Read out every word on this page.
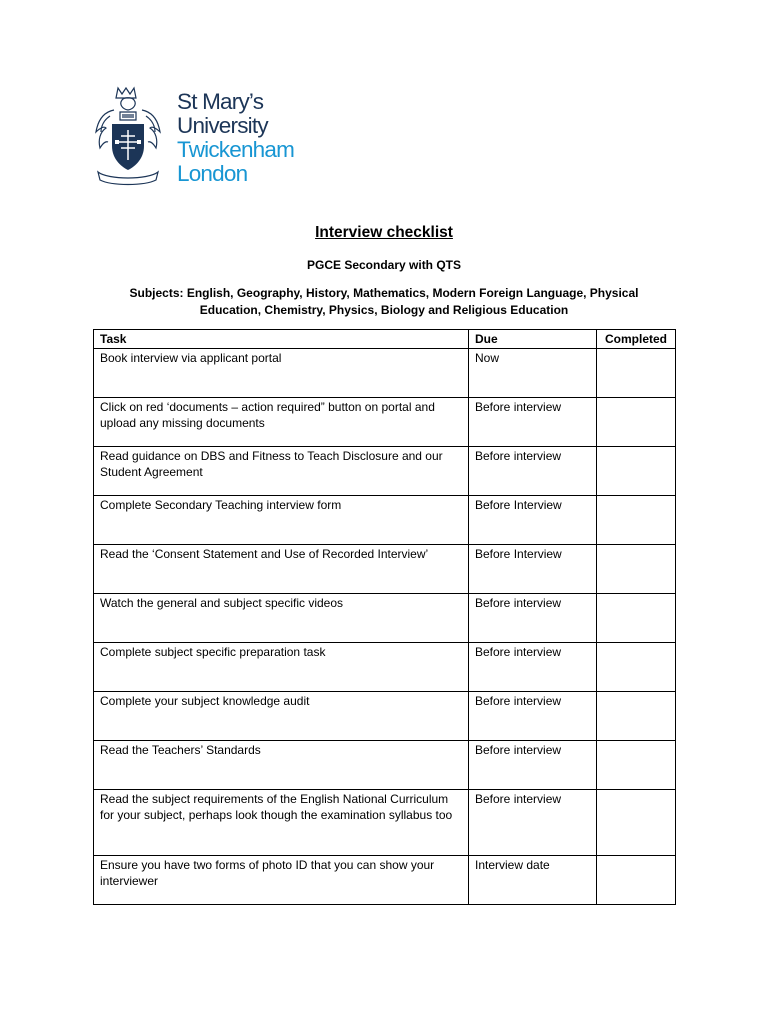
St Mary’s
University
Twickenham
London
Interview checklist
PGCE Secondary with QTS
Subjects: English, Geography, History, Mathematics, Modern Foreign Language, Physical Education, Chemistry, Physics, Biology and Religious Education
Task	Due	Completed
Book interview via applicant portal	Now	
Click on red ‘documents – action required” button on portal and upload any missing documents	Before interview	
Read guidance on DBS and Fitness to Teach Disclosure and our Student Agreement	Before interview	
Complete Secondary Teaching interview form	Before Interview	
Read the ‘Consent Statement and Use of Recorded Interview’	Before Interview	
Watch the general and subject specific videos	Before interview	
Complete subject specific preparation task	Before interview	
Complete your subject knowledge audit	Before interview	
Read the Teachers’ Standards	Before interview	
Read the subject requirements of the English National Curriculum for your subject, perhaps look though the examination syllabus too	Before interview	
Ensure you have two forms of photo ID that you can show your interviewer	Interview date	
